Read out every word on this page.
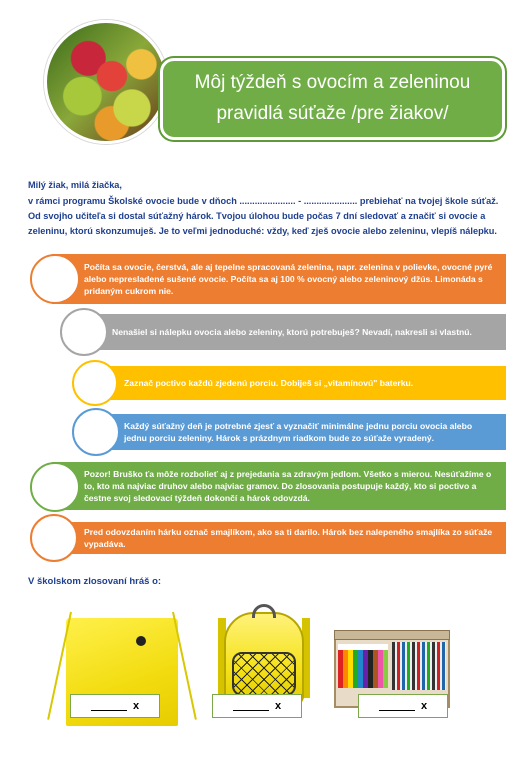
Môj týždeň s ovocím a zeleninou
pravidlá súťaže /pre žiakov/
Milý žiak, milá žiačka,
v rámci programu Školské ovocie bude v dňoch ...................... - ..................... prebiehať na tvojej škole súťaž.
Od svojho učiteľa si dostal súťažný hárok. Tvojou úlohou bude počas 7 dní sledovať a značiť si ovocie a
zeleninu, ktorú skonzumuješ. Je to veľmi jednoduché: vždy, keď zješ ovocie alebo zeleninu, vlepíš nálepku.
Počíta sa ovocie, čerstvá, ale aj tepelne spracovaná zelenina, napr. zelenina v polievke, ovocné pyré alebo nepresladené sušené ovocie. Počíta sa aj 100 % ovocný alebo zeleninový džús. Limonáda s pridaným cukrom nie.
Nenašiel si nálepku ovocia alebo zeleniny, ktorú potrebuješ? Nevadí, nakresli si vlastnú.
Zaznač poctivo každú zjedenú porciu. Dobiješ si „vitamínovú" baterku.
Každý súťažný deň je potrebné zjesť a vyznačiť minimálne jednu porciu ovocia alebo jednu porciu zeleniny. Hárok s prázdnym riadkom bude zo súťaže vyradený.
Pozor! Bruško ťa môže rozbolieť aj z prejedania sa zdravým jedlom. Všetko s mierou. Nesúťažíme o to, kto má najviac druhov alebo najviac gramov. Do zlosovania postupuje každý, kto si poctivo a čestne svoj sledovací týždeň dokončí a hárok odovzdá.
Pred odovzdaním hárku označ smajlíkom, ako sa ti darilo. Hárok bez nalepeného smajlíka zo súťaže vypadáva.
V školskom zlosovaní hráš o:
x	x	x
